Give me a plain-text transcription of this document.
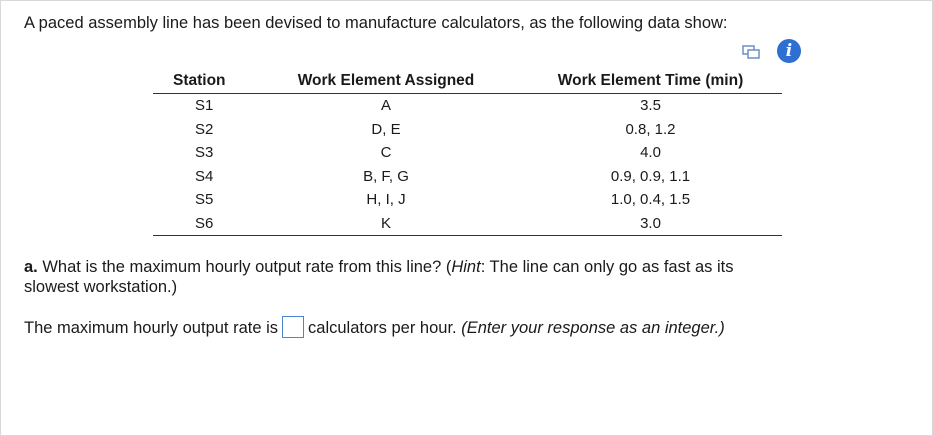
A paced assembly line has been devised to manufacture calculators, as the following data show:
i
Station	Work Element Assigned	Work Element Time (min)
S1	A	3.5
S2	D, E	0.8, 1.2
S3	C	4.0
S4	B, F, G	0.9, 0.9, 1.1
S5	H, I, J	1.0, 0.4, 1.5
S6	K	3.0
a. What is the maximum hourly output rate from this line? (Hint: The line can only go as fast as its slowest workstation.)
The maximum hourly output rate is calculators per hour. (Enter your response as an integer.)
